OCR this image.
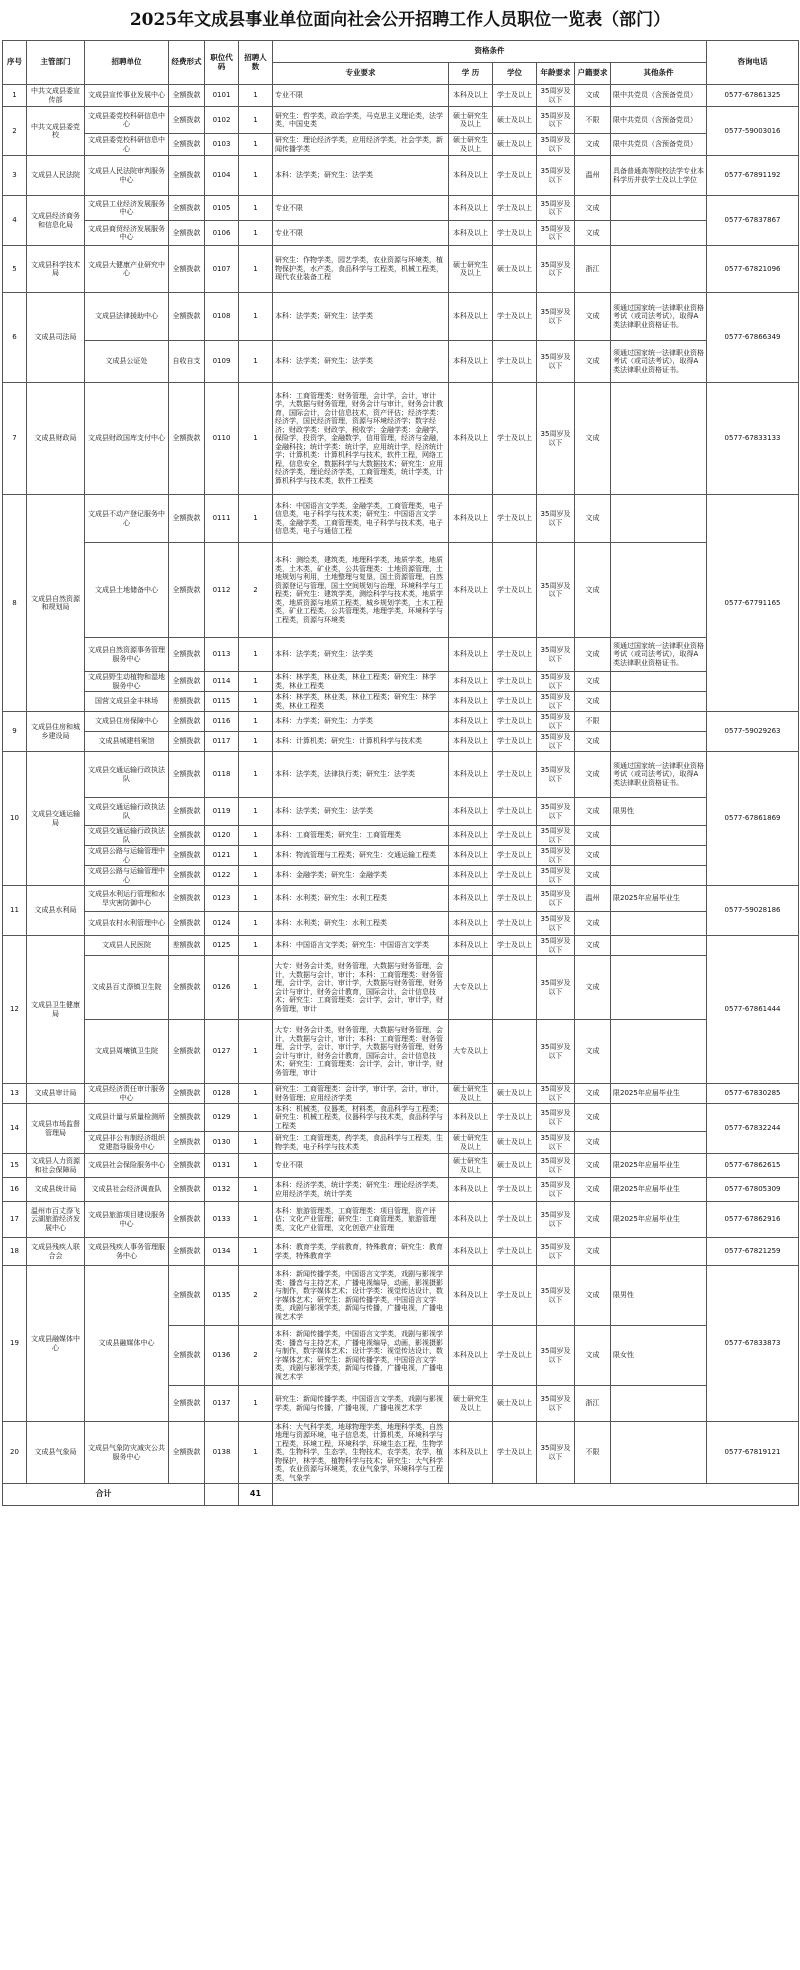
2025年文成县事业单位面向社会公开招聘工作人员职位一览表（部门）
序号	主管部门	招聘单位	经费形式	职位代码	招聘人数	资格条件						咨询电话
						专业要求	学 历	学位	年龄要求	户籍要求	其他条件	
1	中共文成县委宣传部	文成县宣传事业发展中心	全额拨款	0101	1	专业不限	本科及以上	学士及以上	35周岁及以下	文成	限中共党员（含预备党员）	0577-67861325
2	中共文成县委党校	文成县委党校科研信息中心	全额拨款	0102	1	研究生：哲学类，政治学类，马克思主义理论类，法学类，中国史类	硕士研究生及以上	硕士及以上	35周岁及以下	不限	限中共党员（含预备党员）	0577-59003016
		文成县委党校科研信息中心	全额拨款	0103	1	研究生：理论经济学类，应用经济学类，社会学类，新闻传播学类	硕士研究生及以上	硕士及以上	35周岁及以下	文成	限中共党员（含预备党员）	
3	文成县人民法院	文成县人民法院审判服务中心	全额拨款	0104	1	本科：法学类；研究生：法学类	本科及以上	学士及以上	35周岁及以下	温州	具备普通高等院校法学专业本科学历并获学士及以上学位	0577-67891192
4	文成县经济商务和信息化局	文成县工业经济发展服务中心	全额拨款	0105	1	专业不限	本科及以上	学士及以上	35周岁及以下	文成		0577-67837867
		文成县商贸经济发展服务中心	全额拨款	0106	1	专业不限	本科及以上	学士及以上	35周岁及以下	文成		
5	文成县科学技术局	文成县大健康产业研究中心	全额拨款	0107	1	研究生：作物学类，园艺学类，农业资源与环境类，植物保护类，水产类，食品科学与工程类，机械工程类，现代农业装备工程	硕士研究生及以上	硕士及以上	35周岁及以下	浙江		0577-67821096
6	文成县司法局	文成县法律援助中心	全额拨款	0108	1	本科：法学类；研究生：法学类	本科及以上	学士及以上	35周岁及以下	文成	须通过国家统一法律职业资格考试（或司法考试），取得A类法律职业资格证书。	0577-67866349
		文成县公证处	自收自支	0109	1	本科：法学类；研究生：法学类	本科及以上	学士及以上	35周岁及以下	文成	须通过国家统一法律职业资格考试（或司法考试），取得A类法律职业资格证书。	
7	文成县财政局	文成县财政国库支付中心	全额拨款	0110	1	本科：工商管理类：财务管理，会计学，会计，审计学，大数据与财务管理，财务会计与审计，财务会计教育，国际会计，会计信息技术，资产评估；经济学类：经济学，国民经济管理，资源与环境经济学；数字经济；财政学类：财政学，税收学；金融学类：金融学，保险学，投资学，金融数学，信用管理，经济与金融，金融科技；统计学类：统计学，应用统计学，经济统计学；计算机类：计算机科学与技术，软件工程，网络工程，信息安全，数据科学与大数据技术；研究生：应用经济学类，理论经济学类，工商管理类，统计学类，计算机科学与技术类，软件工程类	本科及以上	学士及以上	35周岁及以下	文成		0577-67833133
8	文成县自然资源和规划局	文成县不动产登记服务中心	全额拨款	0111	1	本科：中国语言文学类，金融学类，工商管理类，电子信息类，电子科学与技术类；研究生：中国语言文学类，金融学类，工商管理类，电子科学与技术类，电子信息类，电子与通信工程	本科及以上	学士及以上	35周岁及以下	文成		0577-67791165
		文成县土地储备中心	全额拨款	0112	2	本科：测绘类，建筑类，地理科学类，地质学类，地质类，土木类，矿业类，公共管理类：土地资源管理，土地规划与利用，土地整理与复垦，国土资源管理，自然资源登记与管理，国土空间规划与治理，环境科学与工程类；研究生：建筑学类，测绘科学与技术类，地质学类，地质资源与地质工程类，城乡规划学类，土木工程类，矿业工程类，公共管理类，地理学类，环境科学与工程类，资源与环境类	本科及以上	学士及以上	35周岁及以下	文成		
		文成县自然资源事务管理服务中心	全额拨款	0113	1	本科：法学类；研究生：法学类	本科及以上	学士及以上	35周岁及以下	文成	须通过国家统一法律职业资格考试（或司法考试），取得A类法律职业资格证书。	
		文成县野生动植物和湿地服务中心	全额拨款	0114	1	本科：林学类，林业类，林业工程类；研究生：林学类，林业工程类	本科及以上	学士及以上	35周岁及以下	文成		
		国营文成县金丰林场	差额拨款	0115	1	本科：林学类，林业类，林业工程类；研究生：林学类，林业工程类	本科及以上	学士及以上	35周岁及以下	文成		
9	文成县住房和城乡建设局	文成县住房保障中心	全额拨款	0116	1	本科：力学类；研究生：力学类	本科及以上	学士及以上	35周岁及以下	不限		0577-59029263
		文成县城建档案馆	全额拨款	0117	1	本科：计算机类；研究生：计算机科学与技术类	本科及以上	学士及以上	35周岁及以下	文成		
10	文成县交通运输局	文成县交通运输行政执法队	全额拨款	0118	1	本科：法学类，法律执行类；研究生：法学类	本科及以上	学士及以上	35周岁及以下	文成	须通过国家统一法律职业资格考试（或司法考试），取得A类法律职业资格证书。	0577-67861869
		文成县交通运输行政执法队	全额拨款	0119	1	本科：法学类；研究生：法学类	本科及以上	学士及以上	35周岁及以下	文成	限男性	
		文成县交通运输行政执法队	全额拨款	0120	1	本科：工商管理类；研究生：工商管理类	本科及以上	学士及以上	35周岁及以下	文成		
		文成县公路与运输管理中心	全额拨款	0121	1	本科：物流管理与工程类；研究生：交通运输工程类	本科及以上	学士及以上	35周岁及以下	文成		
		文成县公路与运输管理中心	全额拨款	0122	1	本科：金融学类；研究生：金融学类	本科及以上	学士及以上	35周岁及以下	文成		
11	文成县水利局	文成县水利运行管理和水旱灾害防御中心	全额拨款	0123	1	本科：水利类；研究生：水利工程类	本科及以上	学士及以上	35周岁及以下	温州	限2025年应届毕业生	0577-59028186
		文成县农村水利管理中心	全额拨款	0124	1	本科：水利类；研究生：水利工程类	本科及以上	学士及以上	35周岁及以下	文成		
12	文成县卫生健康局	文成县人民医院	差额拨款	0125	1	本科：中国语言文学类；研究生：中国语言文学类	本科及以上	学士及以上	35周岁及以下	文成		0577-67861444
		文成县百丈漈镇卫生院	全额拨款	0126	1	大专：财务会计类，财务管理，大数据与财务管理，会计，大数据与会计，审计；本科：工商管理类：财务管理，会计学，会计，审计学，大数据与财务管理，财务会计与审计，财务会计教育，国际会计，会计信息技术；研究生：工商管理类：会计学，会计，审计学，财务管理，审计	大专及以上		35周岁及以下	文成		
		文成县周壤镇卫生院	全额拨款	0127	1	大专：财务会计类，财务管理，大数据与财务管理，会计，大数据与会计，审计；本科：工商管理类：财务管理，会计学，会计，审计学，大数据与财务管理，财务会计与审计，财务会计教育，国际会计，会计信息技术；研究生：工商管理类：会计学，会计，审计学，财务管理，审计	大专及以上		35周岁及以下	文成		
13	文成县审计局	文成县经济责任审计服务中心	全额拨款	0128	1	研究生：工商管理类：会计学，审计学，会计，审计，财务管理；应用经济学类	硕士研究生及以上	硕士及以上	35周岁及以下	文成	限2025年应届毕业生	0577-67830285
14	文成县市场监督管理局	文成县计量与质量检测所	全额拨款	0129	1	本科：机械类，仪器类，材料类，食品科学与工程类；研究生：机械工程类，仪器科学与技术类，食品科学与工程类	本科及以上	学士及以上	35周岁及以下	文成		0577-67832244
		文成县非公有制经济组织党建指导服务中心	全额拨款	0130	1	研究生：工商管理类，药学类，食品科学与工程类，生物学类，电子科学与技术类	硕士研究生及以上	硕士及以上	35周岁及以下	文成		
15	文成县人力资源和社会保障局	文成县社会保险服务中心	全额拨款	0131	1	专业不限	硕士研究生及以上	硕士及以上	35周岁及以下	文成	限2025年应届毕业生	0577-67862615
16	文成县统计局	文成县社会经济调查队	全额拨款	0132	1	本科：经济学类，统计学类；研究生：理论经济学类，应用经济学类，统计学类	本科及以上	学士及以上	35周岁及以下	文成	限2025年应届毕业生	0577-67805309
17	温州市百丈漈飞云湖旅游经济发展中心	文成县旅游项目建设服务中心	全额拨款	0133	1	本科：旅游管理类，工商管理类：项目管理，资产评估；文化产业管理；研究生：工商管理类，旅游管理类，文化产业管理，文化创意产业管理	本科及以上	学士及以上	35周岁及以下	文成	限2025年应届毕业生	0577-67862916
18	文成县残疾人联合会	文成县残疾人事务管理服务中心	全额拨款	0134	1	本科：教育学类，学前教育，特殊教育；研究生：教育学类，特殊教育学	本科及以上	学士及以上	35周岁及以下	文成		0577-67821259
19	文成县融媒体中心	文成县融媒体中心	全额拨款	0135	2	本科：新闻传播学类，中国语言文学类，戏剧与影视学类：播音与主持艺术，广播电视编导，动画，影视摄影与制作，数字媒体艺术；设计学类：视觉传达设计，数字媒体艺术；研究生：新闻传播学类，中国语言文学类，戏剧与影视学类，新闻与传播，广播电视，广播电视艺术学	本科及以上	学士及以上	35周岁及以下	文成	限男性	0577-67833873
			全额拨款	0136	2	本科：新闻传播学类，中国语言文学类，戏剧与影视学类：播音与主持艺术，广播电视编导，动画，影视摄影与制作，数字媒体艺术；设计学类：视觉传达设计，数字媒体艺术；研究生：新闻传播学类，中国语言文学类，戏剧与影视学类，新闻与传播，广播电视，广播电视艺术学	本科及以上	学士及以上	35周岁及以下	文成	限女性	
			全额拨款	0137	1	研究生：新闻传播学类，中国语言文学类，戏剧与影视学类，新闻与传播，广播电视，广播电视艺术学	硕士研究生及以上	硕士及以上	35周岁及以下	浙江		
20	文成县气象局	文成县气象防灾减灾公共服务中心	全额拨款	0138	1	本科：大气科学类，地球物理学类，地理科学类，自然地理与资源环境，电子信息类，计算机类，环境科学与工程类，环境工程，环境科学，环境生态工程，生物学类，生物科学，生态学，生物技术，农学类，农学，植物保护，林学类，植物科学与技术；研究生：大气科学类，农业资源与环境类，农业气象学，环境科学与工程类，气象学	本科及以上	学士及以上	35周岁及以下	不限		0577-67819121
合计					41							
